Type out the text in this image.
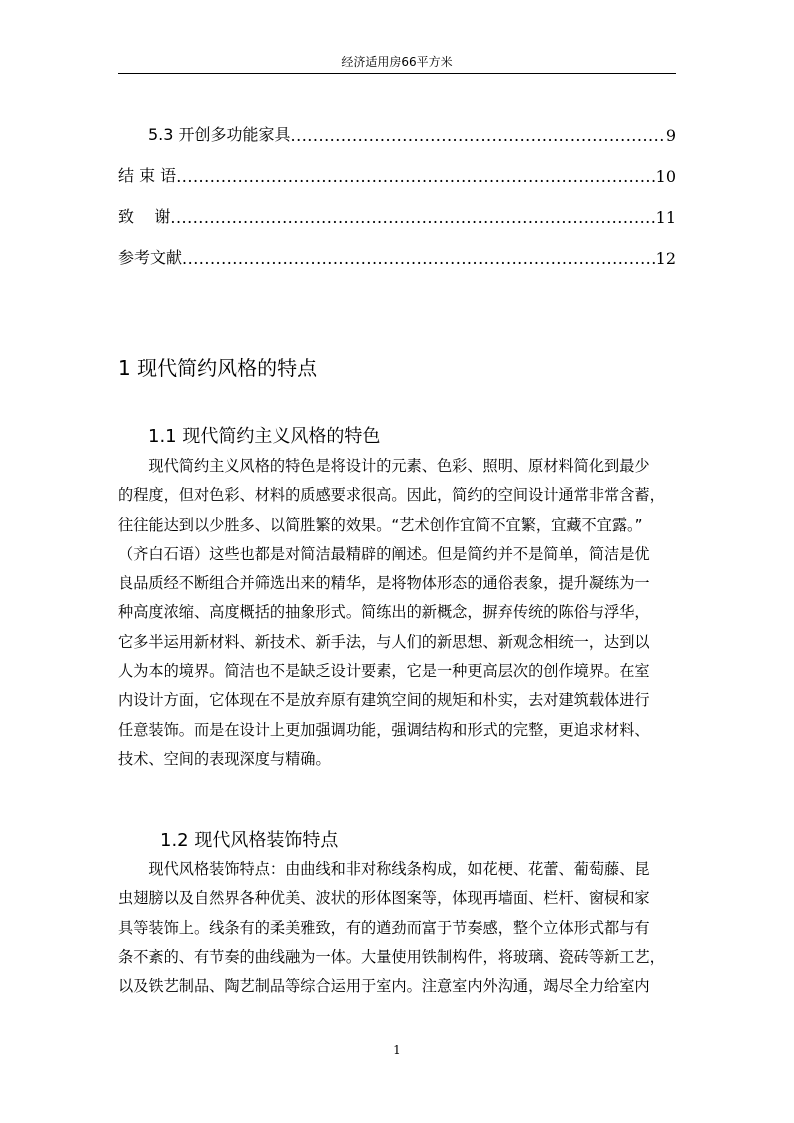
经济适用房66平方米
5.3 开创多功能家具 .....	9
结 束 语 .....	10
致    谢 .....	11
参考文献 .....	12
1 现代简约风格的特点
1.1 现代简约主义风格的特色
　　现代简约主义风格的特色是将设计的元素、色彩、照明、原材料简化到最少
的程度，但对色彩、材料的质感要求很高。因此，简约的空间设计通常非常含蓄，
往往能达到以少胜多、以简胜繁的效果。“艺术创作宜简不宜繁，宜藏不宜露。”
（齐白石语）这些也都是对简洁最精辟的阐述。但是简约并不是简单，简洁是优
良品质经不断组合并筛选出来的精华，是将物体形态的通俗表象，提升凝练为一
种高度浓缩、高度概括的抽象形式。简练出的新概念，摒弃传统的陈俗与浮华，
它多半运用新材料、新技术、新手法，与人们的新思想、新观念相统一，达到以
人为本的境界。简洁也不是缺乏设计要素，它是一种更高层次的创作境界。在室
内设计方面，它体现在不是放弃原有建筑空间的规矩和朴实，去对建筑载体进行
任意装饰。而是在设计上更加强调功能，强调结构和形式的完整，更追求材料、
技术、空间的表现深度与精确。
1.2 现代风格装饰特点
　　现代风格装饰特点：由曲线和非对称线条构成，如花梗、花蕾、葡萄藤、昆
虫翅膀以及自然界各种优美、波状的形体图案等，体现再墙面、栏杆、窗棂和家
具等装饰上。线条有的柔美雅致，有的遒劲而富于节奏感，整个立体形式都与有
条不紊的、有节奏的曲线融为一体。大量使用铁制构件，将玻璃、瓷砖等新工艺，
以及铁艺制品、陶艺制品等综合运用于室内。注意室内外沟通，竭尽全力给室内
1
